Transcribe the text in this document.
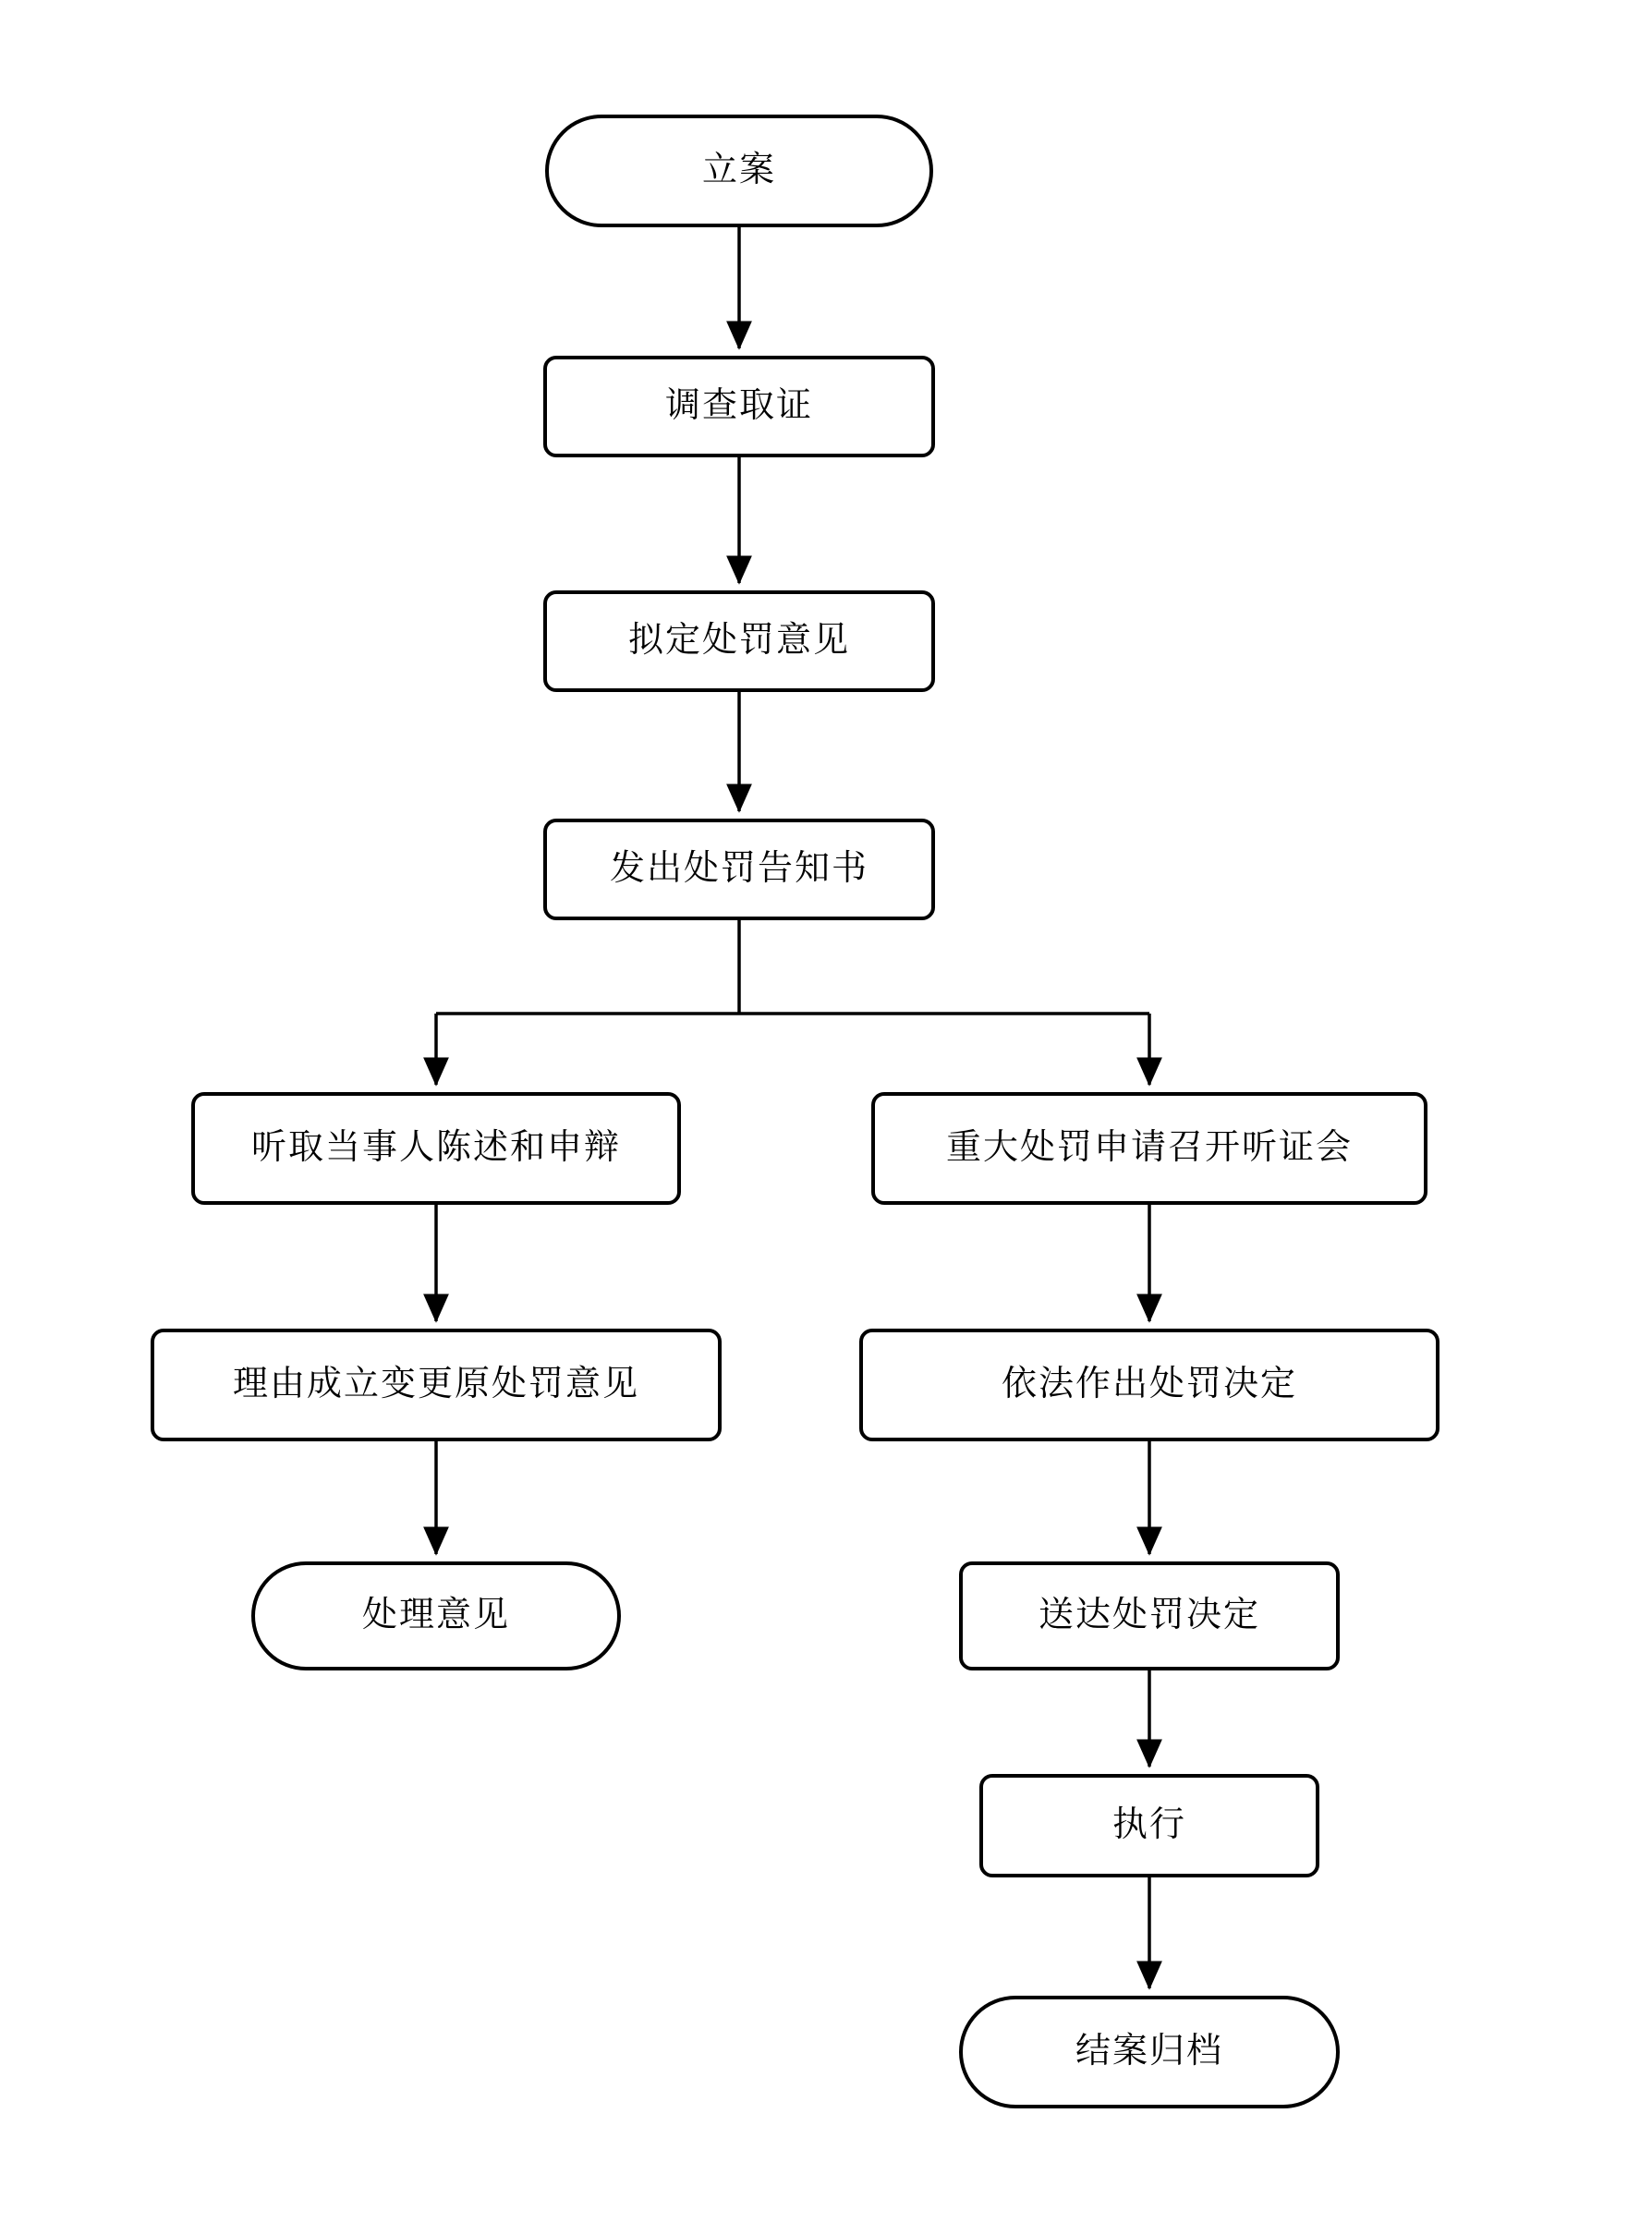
立案
调查取证
拟定处罚意见
发出处罚告知书
听取当事人陈述和申辩	重大处罚申请召开听证会
理由成立变更原处罚意见	依法作出处罚决定
处理意见	送达处罚决定
执行
结案归档
